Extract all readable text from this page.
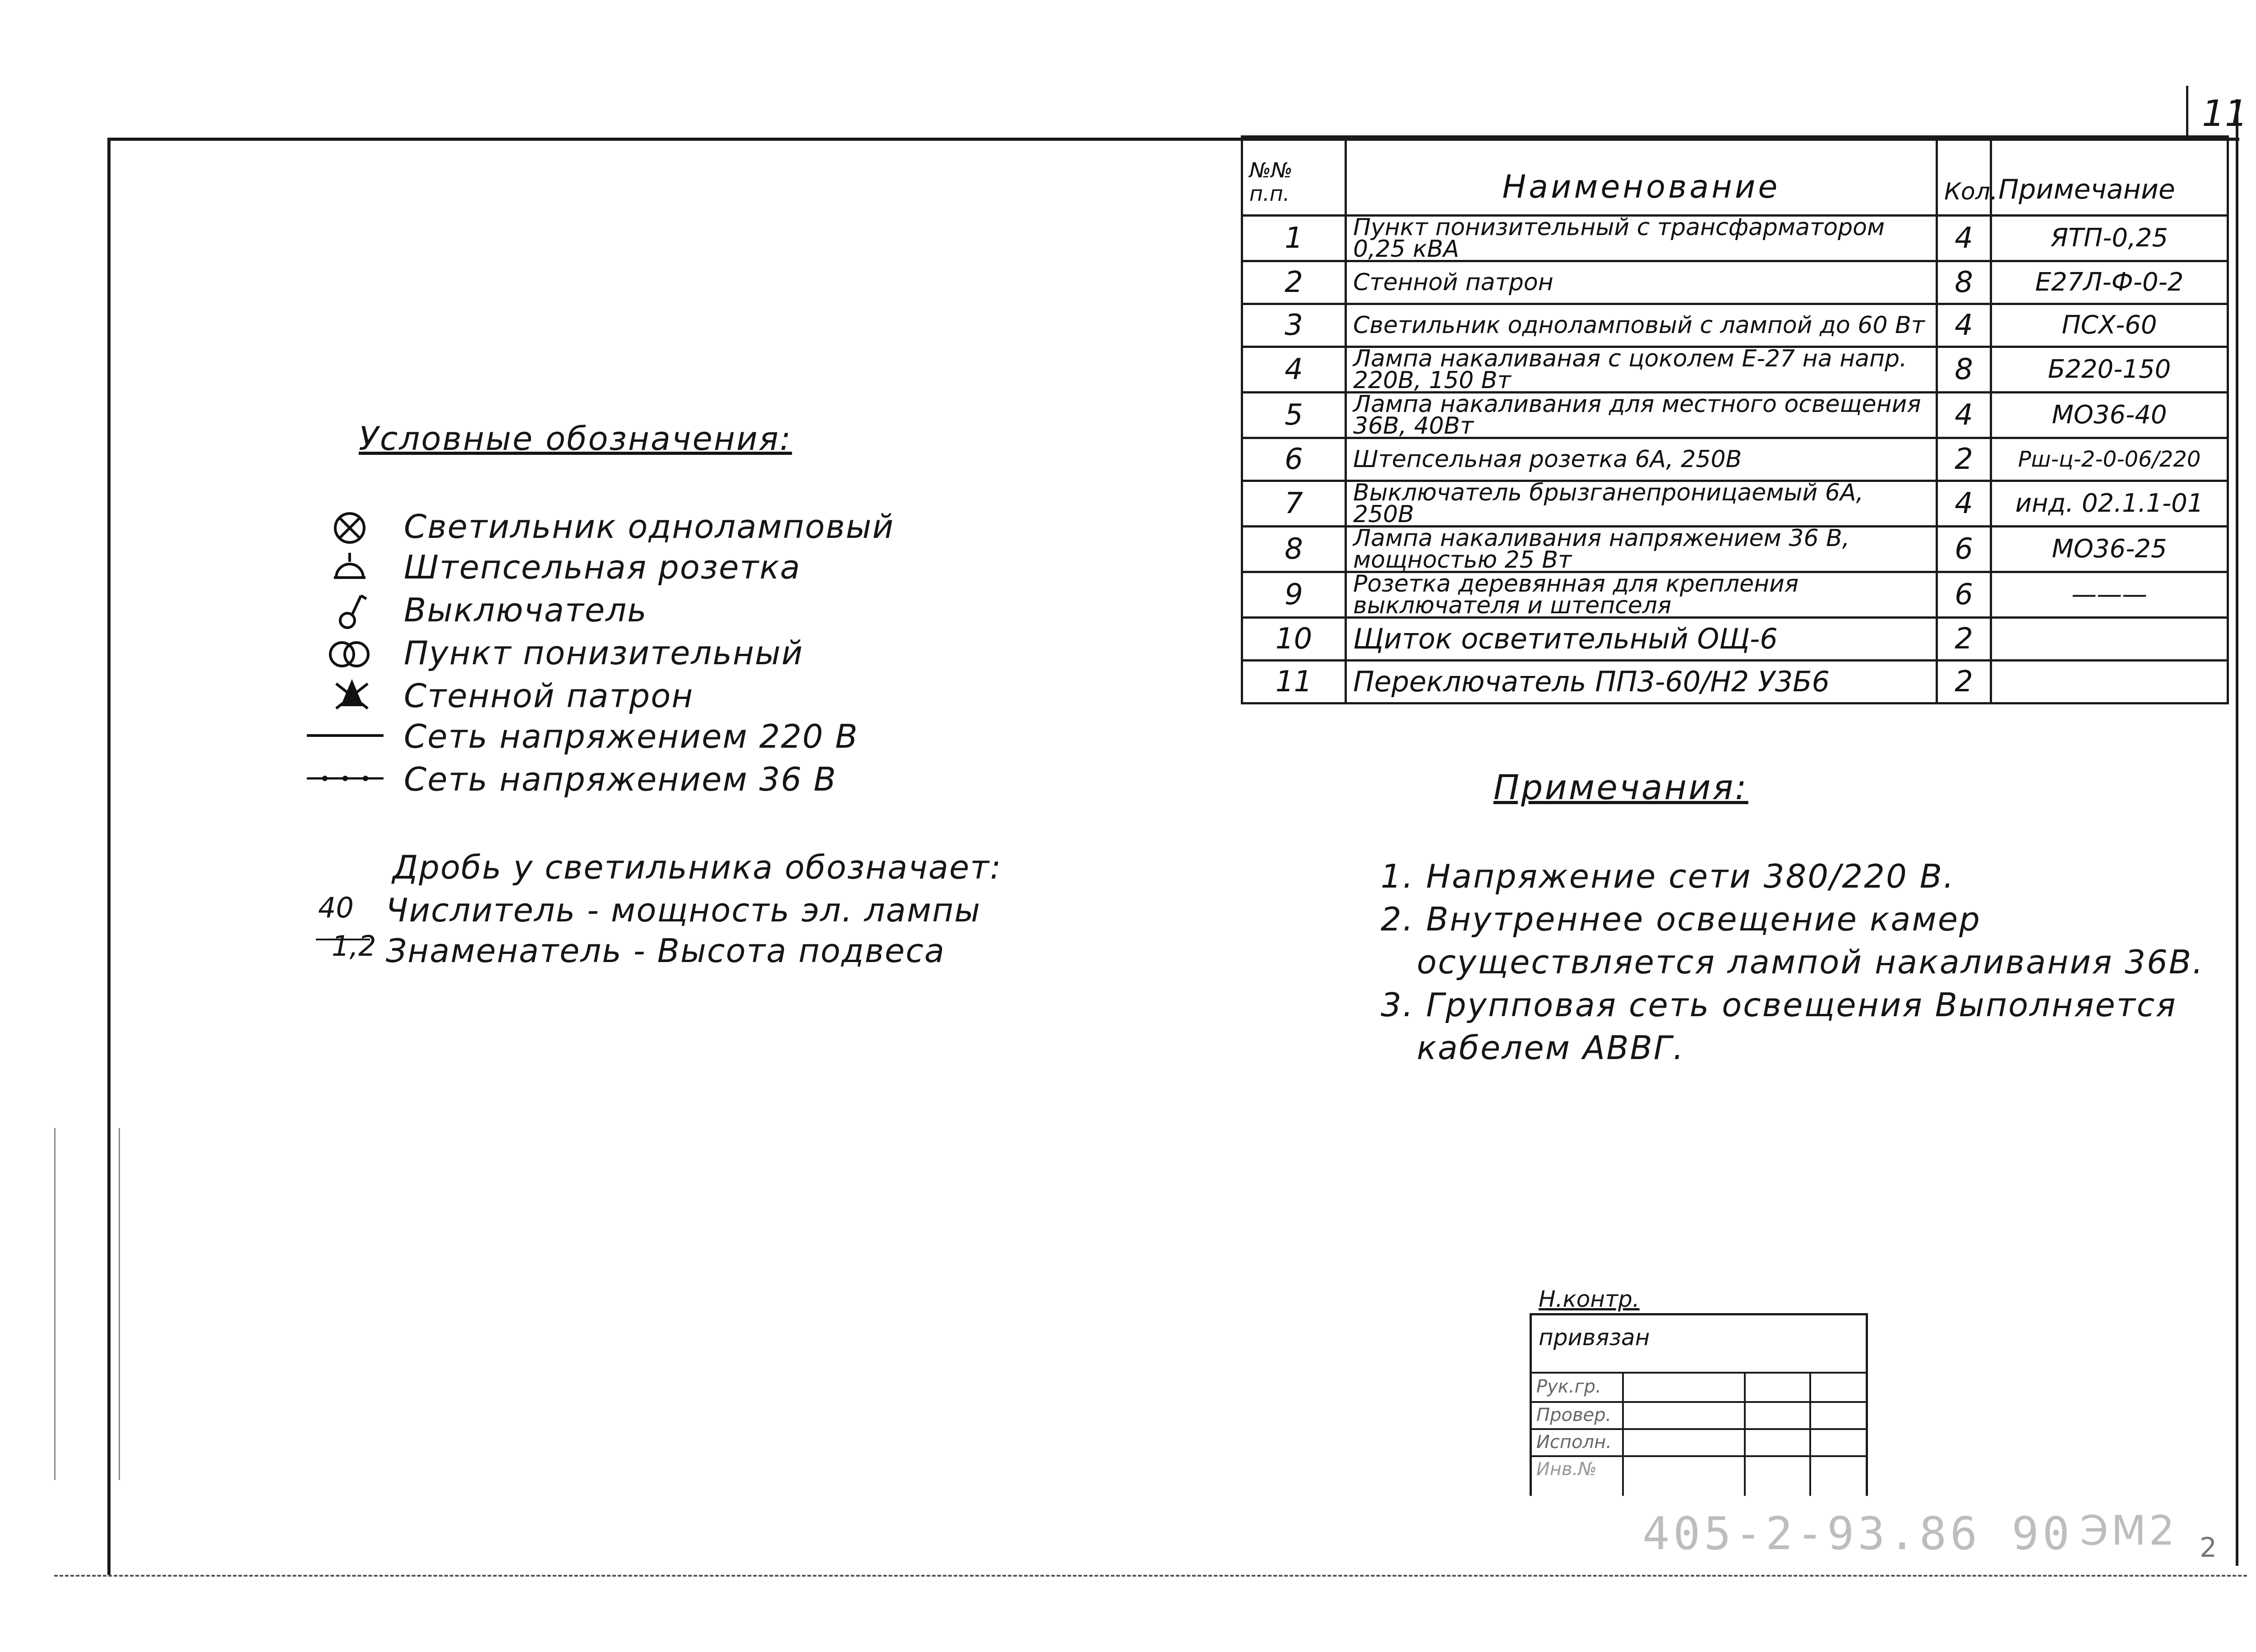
11
№№ п.п.	Наименование	Кол.	Примечание
1	Пункт понизительный с трансфарматором 0,25 кВА	4	ЯТП-0,25
2	Стенной патрон	8	Е27Л-Ф-0-2
3	Светильник одноламповый с лампой до 60 Вт	4	ПСХ-60
4	Лампа накаливаная с цоколем Е-27 на напр. 220В, 150 Вт	8	Б220-150
5	Лампа накаливания для местного освещения 36В, 40Вт	4	МО36-40
6	Штепсельная розетка 6А, 250В	2	Рш-ц-2-0-06/220
7	Выключатель брызганепроницаемый 6А, 250В	4	инд. 02.1.1-01
8	Лампа накаливания напряжением 36 В, мощностью 25 Вт	6	МО36-25
9	Розетка деревянная для крепления выключателя и штепселя	6	———
10	Щиток осветительный ОЩ-6	2	
11	Переключатель ПП3-60/Н2 У3Б6	2	
Условные обозначения:
Светильник одноламповый
Штепсельная розетка
Выключатель
Пункт понизительный
Стенной патрон
Сеть напряжением 220 В
Сеть напряжением 36 В
Дробь у светильника обозначает:
40
1,2
Числитель - мощность эл. лампы
Знаменатель - Высота подвеса
Примечания:
1. Напряжение сети 380/220 В.
2. Внутреннее освещение камер
осуществляется лампой накаливания 36В.
3. Групповая сеть освещения Выполняется
кабелем АВВГ.
Н.контр.
привязан
Рук.гр.
Провер.
Исполн.
Инв.№
405-2-93.86 90 ЭМ2 2
